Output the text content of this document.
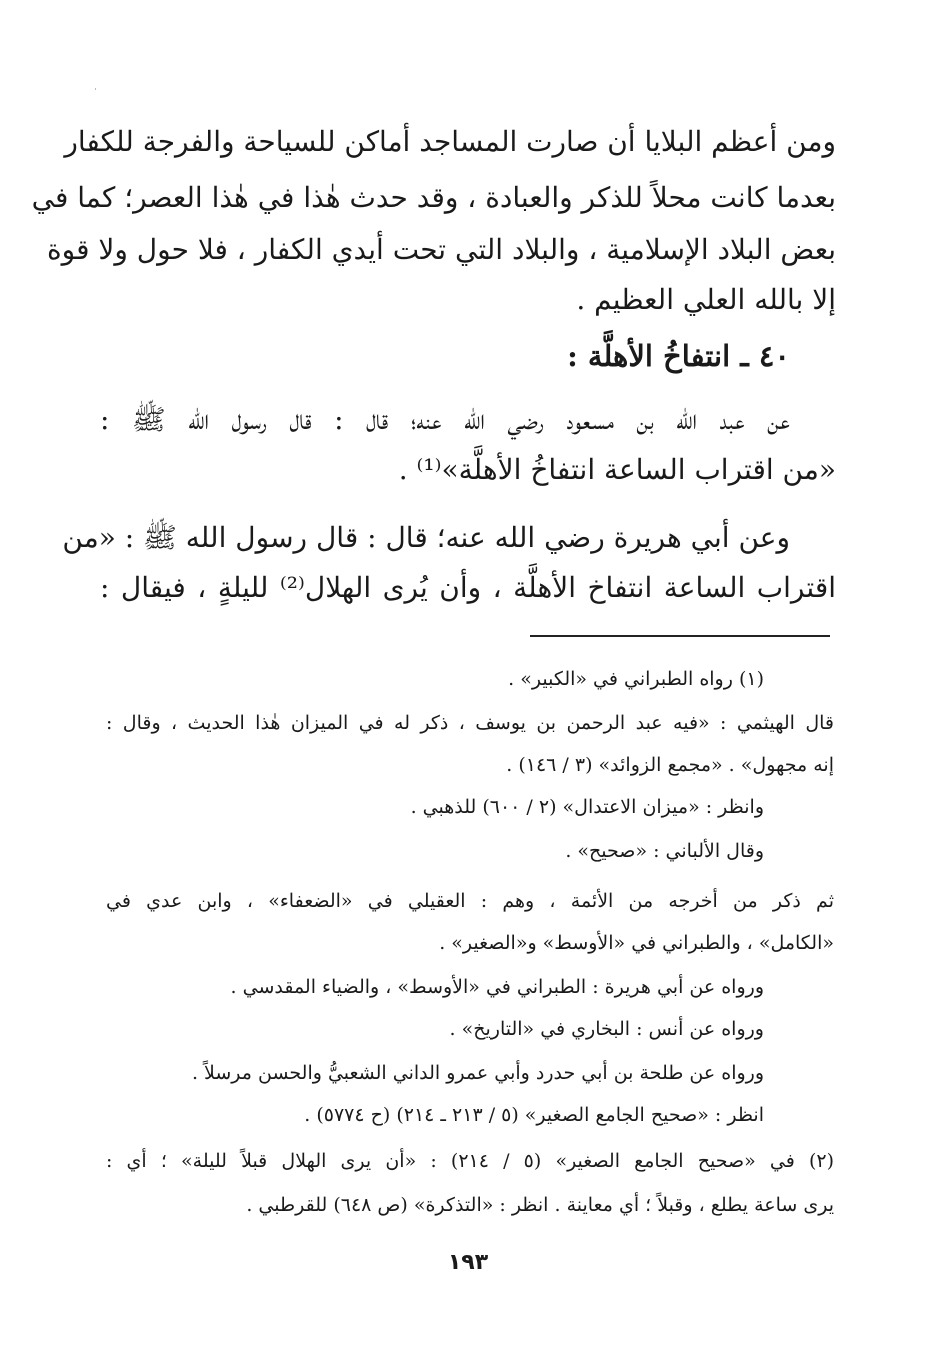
ومن أعظم البلايا أن صارت المساجد أماكن للسياحة والفرجة للكفار
بعدما كانت محلاً للذكر والعبادة ، وقد حدث هٰذا في هٰذا العصر؛ كما في
بعض البلاد الإسلامية ، والبلاد التي تحت أيدي الكفار ، فلا حول ولا قوة
إلا بالله العلي العظيم .
٤٠ ـ انتفاخُ الأهلَّة :
عن عبد الله بن مسعود رضي الله عنه؛ قال : قال رسول الله ﷺ :
«من اقتراب الساعة انتفاخُ الأهلَّة»⁽¹⁾ .
وعن أبي هريرة رضي الله عنه؛ قال : قال رسول الله ﷺ : «من
اقتراب الساعة انتفاخ الأهلَّة ، وأن يُرى الهلال⁽²⁾ لليلةٍ ، فيقال :
(١) رواه الطبراني في «الكبير» .
قال الهيثمي : «فيه عبد الرحمن بن يوسف ، ذكر له في الميزان هٰذا الحديث ، وقال :
إنه مجهول» . «مجمع الزوائد» (٣ / ١٤٦) .
وانظر : «ميزان الاعتدال» (٢ / ٦٠٠) للذهبي .
وقال الألباني : «صحيح» .
ثم ذكر من أخرجه من الأئمة ، وهم : العقيلي في «الضعفاء» ، وابن عدي في
«الكامل» ، والطبراني في «الأوسط» و«الصغير» .
ورواه عن أبي هريرة : الطبراني في «الأوسط» ، والضياء المقدسي .
ورواه عن أنس : البخاري في «التاريخ» .
ورواه عن طلحة بن أبي حدرد وأبي عمرو الداني الشعبيُّ والحسن مرسلاً .
انظر : «صحيح الجامع الصغير» (٥ / ٢١٣ ـ ٢١٤) (ح ٥٧٧٤) .
(٢) في «صحيح الجامع الصغير» (٥ / ٢١٤) : «أن يرى الهلال قبلاً لليلة» ؛ أي :
يرى ساعة يطلع ، وقبلاً ؛ أي معاينة . انظر : «التذكرة» (ص ٦٤٨) للقرطبي .
١٩٣
